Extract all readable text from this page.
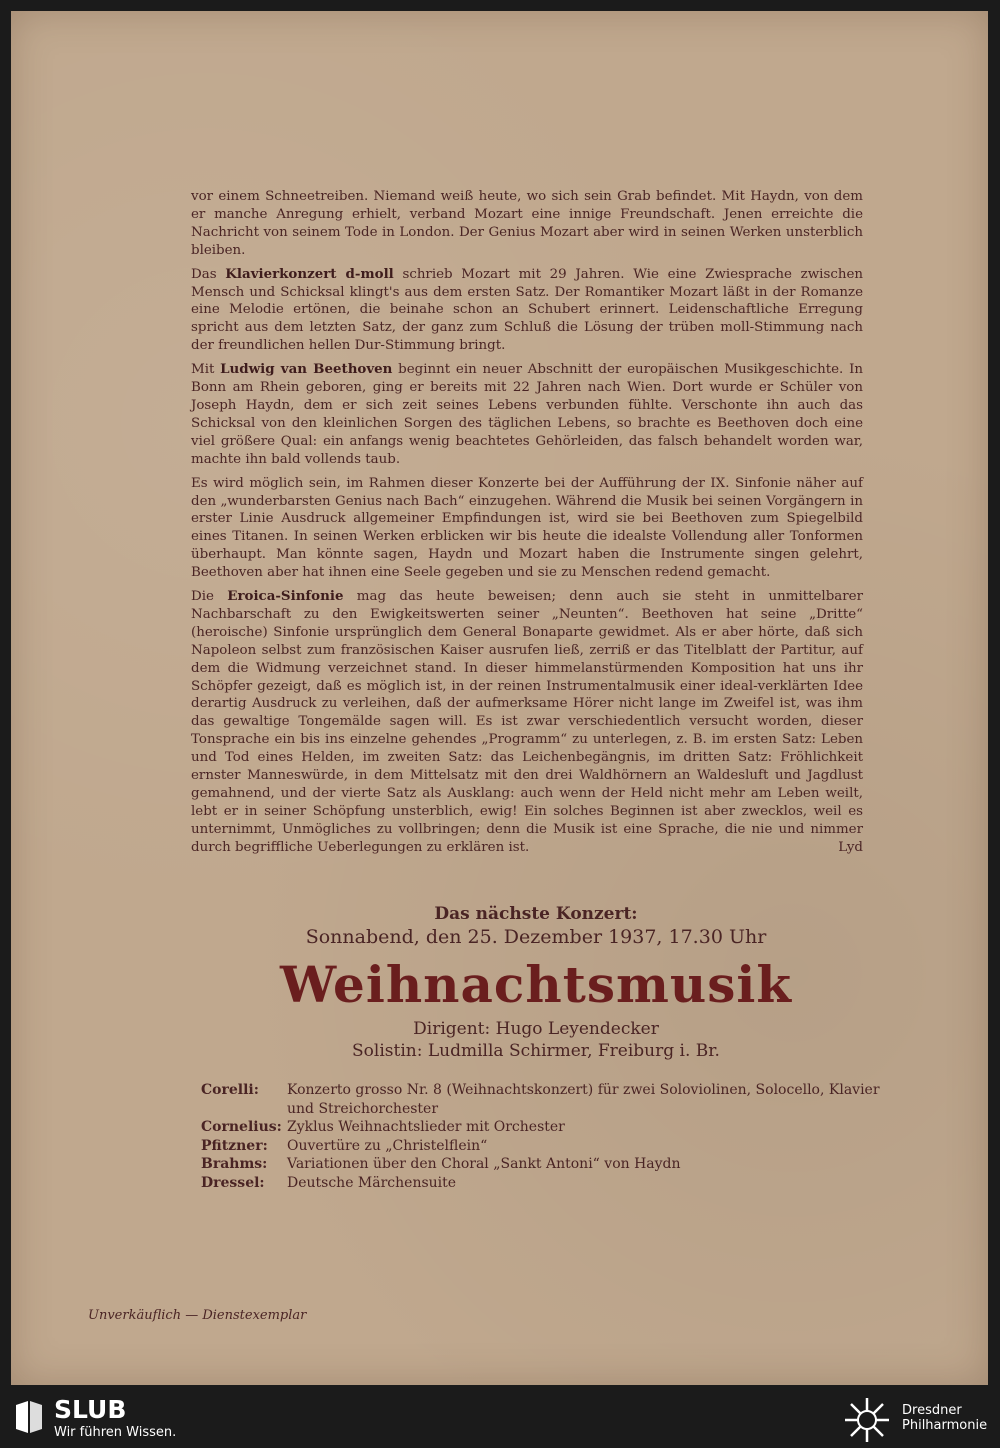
vor einem Schneetreiben. Niemand weiß heute, wo sich sein Grab befindet. Mit Haydn, von dem er manche Anregung erhielt, verband Mozart eine innige Freundschaft. Jenen erreichte die Nachricht von seinem Tode in London. Der Genius Mozart aber wird in seinen Werken unsterblich bleiben.

Das Klavierkonzert d-moll schrieb Mozart mit 29 Jahren. Wie eine Zwiesprache zwischen Mensch und Schicksal klingt's aus dem ersten Satz. Der Romantiker Mozart läßt in der Romanze eine Melodie ertönen, die beinahe schon an Schubert erinnert. Leidenschaftliche Erregung spricht aus dem letzten Satz, der ganz zum Schluß die Lösung der trüben moll-Stimmung nach der freundlichen hellen Dur-Stimmung bringt.

Mit Ludwig van Beethoven beginnt ein neuer Abschnitt der europäischen Musikgeschichte. In Bonn am Rhein geboren, ging er bereits mit 22 Jahren nach Wien. Dort wurde er Schüler von Joseph Haydn, dem er sich zeit seines Lebens verbunden fühlte. Verschonte ihn auch das Schicksal von den kleinlichen Sorgen des täglichen Lebens, so brachte es Beethoven doch eine viel größere Qual: ein anfangs wenig beachtetes Gehörleiden, das falsch behandelt worden war, machte ihn bald vollends taub.

Es wird möglich sein, im Rahmen dieser Konzerte bei der Aufführung der IX. Sinfonie näher auf den „wunderbarsten Genius nach Bach“ einzugehen. Während die Musik bei seinen Vorgängern in erster Linie Ausdruck allgemeiner Empfindungen ist, wird sie bei Beethoven zum Spiegelbild eines Titanen. In seinen Werken erblicken wir bis heute die idealste Vollendung aller Tonformen überhaupt. Man könnte sagen, Haydn und Mozart haben die Instrumente singen gelehrt, Beethoven aber hat ihnen eine Seele gegeben und sie zu Menschen redend gemacht.

Die Eroica-Sinfonie mag das heute beweisen; denn auch sie steht in unmittelbarer Nachbarschaft zu den Ewigkeitswerten seiner „Neunten“. Beethoven hat seine „Dritte“ (heroische) Sinfonie ursprünglich dem General Bonaparte gewidmet. Als er aber hörte, daß sich Napoleon selbst zum französischen Kaiser ausrufen ließ, zerriß er das Titelblatt der Partitur, auf dem die Widmung verzeichnet stand. In dieser himmelanstürmenden Komposition hat uns ihr Schöpfer gezeigt, daß es möglich ist, in der reinen Instrumentalmusik einer ideal-verklärten Idee derartig Ausdruck zu verleihen, daß der aufmerksame Hörer nicht lange im Zweifel ist, was ihm das gewaltige Tongemälde sagen will. Es ist zwar verschiedentlich versucht worden, dieser Tonsprache ein bis ins einzelne gehendes „Programm“ zu unterlegen, z. B. im ersten Satz: Leben und Tod eines Helden, im zweiten Satz: das Leichenbegängnis, im dritten Satz: Fröhlichkeit ernster Manneswürde, in dem Mittelsatz mit den drei Waldhörnern an Waldesluft und Jagdlust gemahnend, und der vierte Satz als Ausklang: auch wenn der Held nicht mehr am Leben weilt, lebt er in seiner Schöpfung unsterblich, ewig! Ein solches Beginnen ist aber zwecklos, weil es unternimmt, Unmögliches zu vollbringen; denn die Musik ist eine Sprache, die nie und nimmer durch begriffliche Ueberlegungen zu erklären ist.	Lyd

Das nächste Konzert:
Sonnabend, den 25. Dezember 1937, 17.30 Uhr
Weihnachtsmusik
Dirigent: Hugo Leyendecker
Solistin: Ludmilla Schirmer, Freiburg i. Br.
Corelli:	Konzerto grosso Nr. 8 (Weihnachtskonzert) für zwei Soloviolinen, Solocello, Klavier und Streichorchester
Cornelius: Zyklus Weihnachtslieder mit Orchester
Pfitzner:	Ouvertüre zu „Christelflein“
Brahms:	Variationen über den Choral „Sankt Antoni“ von Haydn
Dressel:	Deutsche Märchensuite
Unverkäuflich — Dienstexemplar
SLUB
Wir führen Wissen.
Dresdner
Philharmonie
